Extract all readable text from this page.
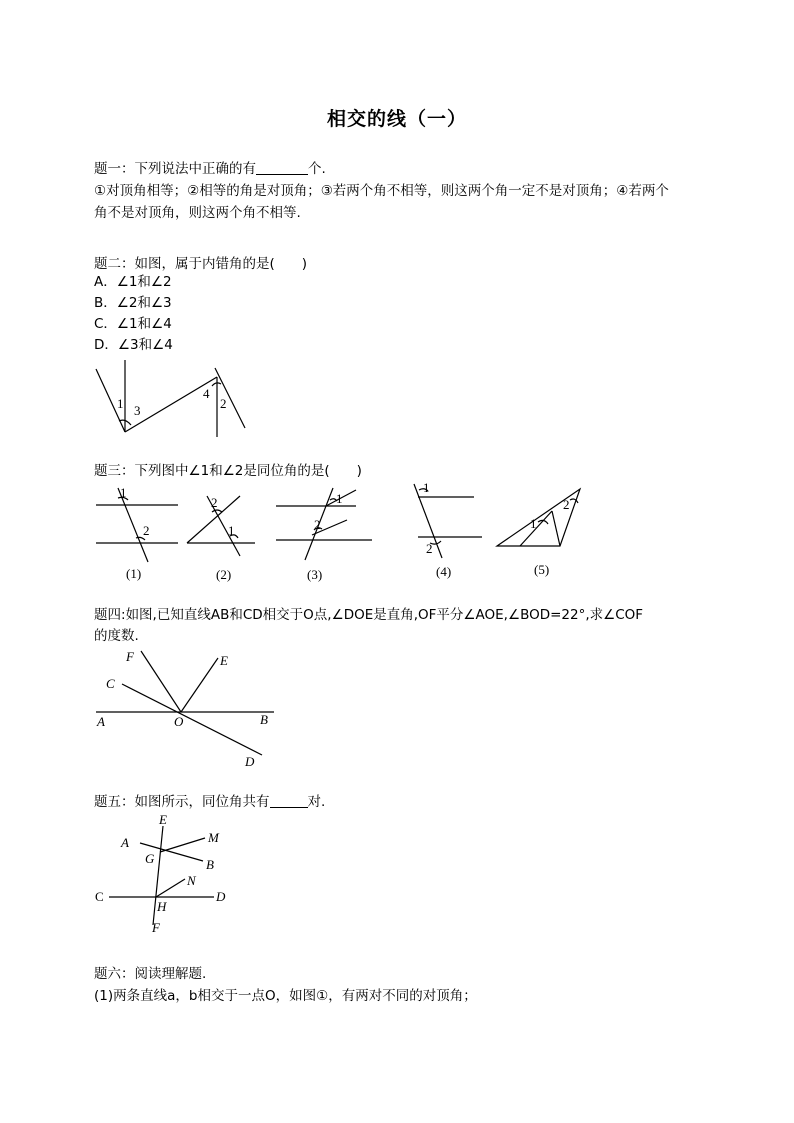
相交的线（一）
题一：下列说法中正确的有	个.
①对顶角相等；②相等的角是对顶角；③若两个角不相等，则这两个角一定不是对顶角；④若两个
角不是对顶角，则这两个角不相等.
题二：如图，属于内错角的是(　　)
A．∠1和∠2
B．∠2和∠3
C．∠1和∠4
D．∠3和∠4
1 3
4
2
题三：下列图中∠1和∠2是同位角的是(　　)
1
2
2
1
1
2
1
2
1
2
(1)	(2)	(3)	(4)	(5)
题四:如图,已知直线AB和CD相交于O点,∠DOE是直角,OF平分∠AOE,∠BOD=22°,求∠COF
的度数.
F	E
C
A	O	B
D
题五：如图所示，同位角共有	对.
E
A	M
G	B
N
C
H
D
F
题六：阅读理解题.
(1)两条直线a，b相交于一点O，如图①，有两对不同的对顶角；
